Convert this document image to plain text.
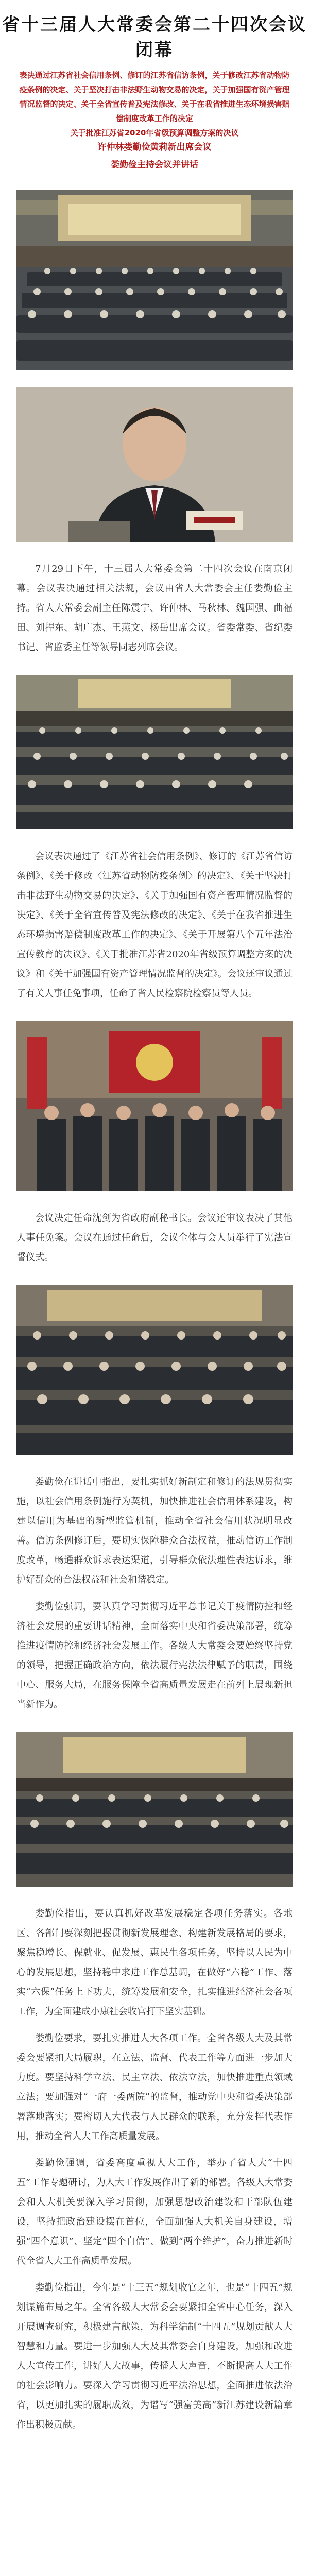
省十三届人大常委会第二十四次会议闭幕
表决通过江苏省社会信用条例、修订的江苏省信访条例，关于修改江苏省动物防疫条例的决定、关于坚决打击非法野生动物交易的决定，关于加强国有资产管理情况监督的决定、关于全省宣传普及宪法修改、关于在我省推进生态环境损害赔偿制度改革工作的决定
关于批准江苏省2020年省级预算调整方案的决议
许仲林娄勤俭黄莉新出席会议
娄勤俭主持会议并讲话

7月29日下午，十三届人大常委会第二十四次会议在南京闭幕。会议表决通过相关法规，会议由省人大常委会主任娄勤俭主持。省人大常委会副主任陈震宁、许仲林、马秋林、魏国强、曲福田、刘捍东、胡广杰、王燕文、杨岳出席会议。省委常委、省纪委书记、省监委主任等领导同志列席会议。

会议表决通过了《江苏省社会信用条例》、修订的《江苏省信访条例》、《关于修改〈江苏省动物防疫条例〉的决定》、《关于坚决打击非法野生动物交易的决定》、《关于加强国有资产管理情况监督的决定》、《关于全省宣传普及宪法修改的决定》、《关于在我省推进生态环境损害赔偿制度改革工作的决定》、《关于开展第八个五年法治宣传教育的决议》、《关于批准江苏省2020年省级预算调整方案的决议》和《关于加强国有资产管理情况监督的决定》。会议还审议通过了有关人事任免事项，任命了省人民检察院检察员等人员。

会议决定任命沈剑为省政府副秘书长。会议还审议表决了其他人事任免案。会议在通过任命后，会议全体与会人员举行了宪法宣誓仪式。

娄勤俭在讲话中指出，要扎实抓好新制定和修订的法规贯彻实施，以社会信用条例施行为契机，加快推进社会信用体系建设，构建以信用为基础的新型监管机制，推动全省社会信用状况明显改善。信访条例修订后，要切实保障群众合法权益，推动信访工作制度改革，畅通群众诉求表达渠道，引导群众依法理性表达诉求，维护好群众的合法权益和社会和谐稳定。

娄勤俭强调，要认真学习贯彻习近平总书记关于疫情防控和经济社会发展的重要讲话精神，全面落实中央和省委决策部署，统筹推进疫情防控和经济社会发展工作。各级人大常委会要始终坚持党的领导，把握正确政治方向，依法履行宪法法律赋予的职责，围绕中心、服务大局，在服务保障全省高质量发展走在前列上展现新担当新作为。

娄勤俭指出，要认真抓好改革发展稳定各项任务落实。各地区、各部门要深刻把握贯彻新发展理念、构建新发展格局的要求，聚焦稳增长、保就业、促发展、惠民生各项任务，坚持以人民为中心的发展思想，坚持稳中求进工作总基调，在做好“六稳”工作、落实“六保”任务上下功夫，统筹发展和安全，扎实推进经济社会各项工作，为全面建成小康社会收官打下坚实基础。

娄勤俭要求，要扎实推进人大各项工作。全省各级人大及其常委会要紧扣大局履职，在立法、监督、代表工作等方面进一步加大力度。要坚持科学立法、民主立法、依法立法，加快推进重点领域立法；要加强对“一府一委两院”的监督，推动党中央和省委决策部署落地落实；要密切人大代表与人民群众的联系，充分发挥代表作用，推动全省人大工作高质量发展。

娄勤俭强调，省委高度重视人大工作，举办了省人大“十四五”工作专题研讨，为人大工作发展作出了新的部署。各级人大常委会和人大机关要深入学习贯彻，加强思想政治建设和干部队伍建设，坚持把政治建设摆在首位，全面加强人大机关自身建设，增强“四个意识”、坚定“四个自信”、做到“两个维护”，奋力推进新时代全省人大工作高质量发展。

娄勤俭指出，今年是“十三五”规划收官之年，也是“十四五”规划谋篇布局之年。全省各级人大常委会要紧扣全省中心任务，深入开展调查研究，积极建言献策，为科学编制“十四五”规划贡献人大智慧和力量。要进一步加强人大及其常委会自身建设，加强和改进人大宣传工作，讲好人大故事，传播人大声音，不断提高人大工作的社会影响力。要深入学习贯彻习近平法治思想，全面推进依法治省，以更加扎实的履职成效，为谱写“强富美高”新江苏建设新篇章作出积极贡献。
